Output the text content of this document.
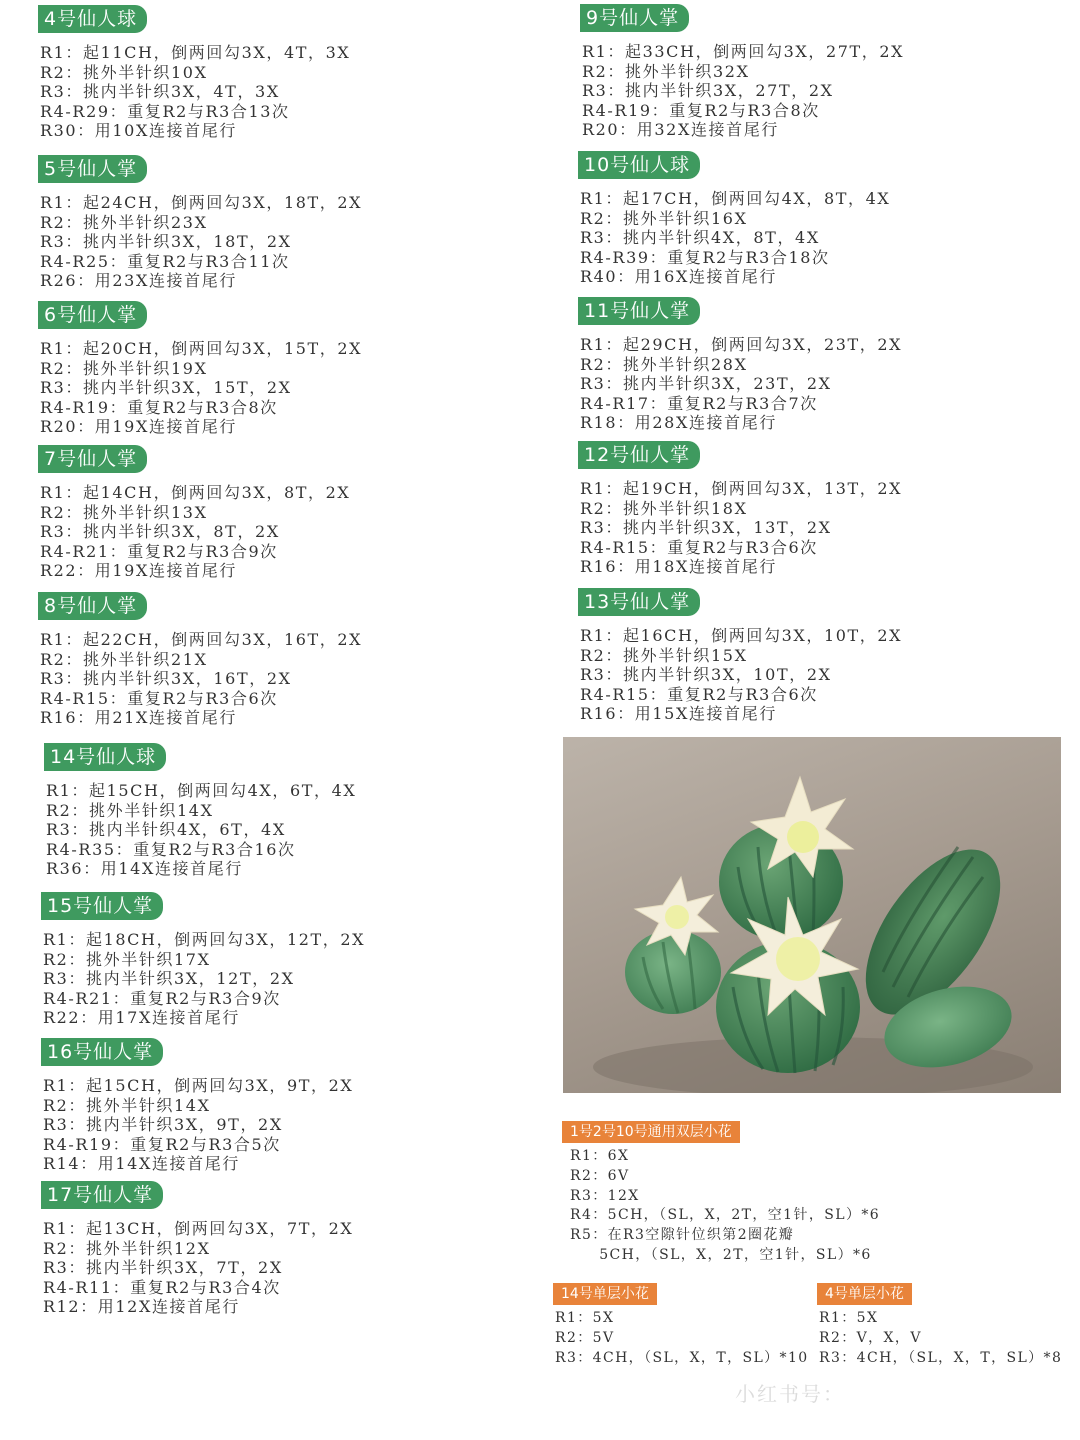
4号仙人球
R1：起11CH，倒两回勾3X，4T，3X
R2：挑外半针织10X
R3：挑内半针织3X，4T，3X
R4-R29：重复R2与R3合13次
R30：用10X连接首尾行
5号仙人掌
R1：起24CH，倒两回勾3X，18T，2X
R2：挑外半针织23X
R3：挑内半针织3X，18T，2X
R4-R25：重复R2与R3合11次
R26：用23X连接首尾行
6号仙人掌
R1：起20CH，倒两回勾3X，15T，2X
R2：挑外半针织19X
R3：挑内半针织3X，15T，2X
R4-R19：重复R2与R3合8次
R20：用19X连接首尾行
7号仙人掌
R1：起14CH，倒两回勾3X，8T，2X
R2：挑外半针织13X
R3：挑内半针织3X，8T，2X
R4-R21：重复R2与R3合9次
R22：用19X连接首尾行
8号仙人掌
R1：起22CH，倒两回勾3X，16T，2X
R2：挑外半针织21X
R3：挑内半针织3X，16T，2X
R4-R15：重复R2与R3合6次
R16：用21X连接首尾行
9号仙人掌
R1：起33CH，倒两回勾3X，27T，2X
R2：挑外半针织32X
R3：挑内半针织3X，27T，2X
R4-R19：重复R2与R3合8次
R20：用32X连接首尾行
10号仙人球
R1：起17CH，倒两回勾4X，8T，4X
R2：挑外半针织16X
R3：挑内半针织4X，8T，4X
R4-R39：重复R2与R3合18次
R40：用16X连接首尾行
11号仙人掌
R1：起29CH，倒两回勾3X，23T，2X
R2：挑外半针织28X
R3：挑内半针织3X，23T，2X
R4-R17：重复R2与R3合7次
R18：用28X连接首尾行
12号仙人掌
R1：起19CH，倒两回勾3X，13T，2X
R2：挑外半针织18X
R3：挑内半针织3X，13T，2X
R4-R15：重复R2与R3合6次
R16：用18X连接首尾行
13号仙人掌
R1：起16CH，倒两回勾3X，10T，2X
R2：挑外半针织15X
R3：挑内半针织3X，10T，2X
R4-R15：重复R2与R3合6次
R16：用15X连接首尾行
14号仙人球
R1：起15CH，倒两回勾4X，6T，4X
R2：挑外半针织14X
R3：挑内半针织4X，6T，4X
R4-R35：重复R2与R3合16次
R36：用14X连接首尾行
15号仙人掌
R1：起18CH，倒两回勾3X，12T，2X
R2：挑外半针织17X
R3：挑内半针织3X，12T，2X
R4-R21：重复R2与R3合9次
R22：用17X连接首尾行
16号仙人掌
R1：起15CH，倒两回勾3X，9T，2X
R2：挑外半针织14X
R3：挑内半针织3X，9T，2X
R4-R19：重复R2与R3合5次
R14：用14X连接首尾行
17号仙人掌
R1：起13CH，倒两回勾3X，7T，2X
R2：挑外半针织12X
R3：挑内半针织3X，7T，2X
R4-R11：重复R2与R3合4次
R12：用12X连接首尾行
1号2号10号通用双层小花
R1：6X
R2：6V
R3：12X
R4：5CH，（SL，X，2T，空1针，SL）*6
R5：在R3空隙针位织第2圈花瓣
5CH，（SL，X，2T，空1针，SL）*6
14号单层小花
R1：5X
R2：5V
R3：4CH，（SL，X，T，SL）*10
4号单层小花
R1：5X
R2：V，X，V
R3：4CH，（SL，X，T，SL）*8
小红书号：
